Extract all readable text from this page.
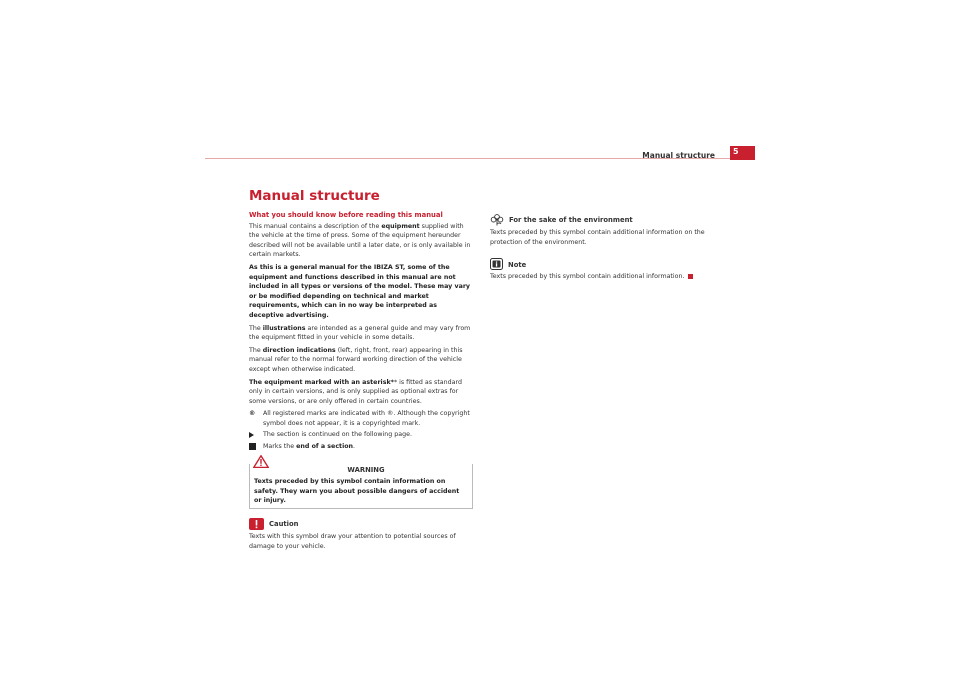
Manual structure	5
Manual structure
What you should know before reading this manual

This manual contains a description of the equipment supplied with the vehicle at the time of press. Some of the equipment hereunder described will not be available until a later date, or is only available in certain markets.

As this is a general manual for the IBIZA ST, some of the equipment and functions described in this manual are not included in all types or versions of the model. These may vary or be modified depending on technical and market requirements, which can in no way be interpreted as deceptive advertising.

The illustrations are intended as a general guide and may vary from the equipment fitted in your vehicle in some details.

The direction indications (left, right, front, rear) appearing in this manual refer to the normal forward working direction of the vehicle except when otherwise indicated.

The equipment marked with an asterisk** is fitted as standard only in certain versions, and is only supplied as optional extras for some versions, or are only offered in certain countries.

®	All registered marks are indicated with ®. Although the copyright symbol does not appear, it is a copyrighted mark.
The section is continued on the following page.
Marks the end of a section.
WARNING
Texts preceded by this symbol contain information on safety. They warn you about possible dangers of accident or injury.
Caution
Texts with this symbol draw your attention to potential sources of damage to your vehicle.
For the sake of the environment
Texts preceded by this symbol contain additional information on the protection of the environment.
Note
Texts preceded by this symbol contain additional information.
